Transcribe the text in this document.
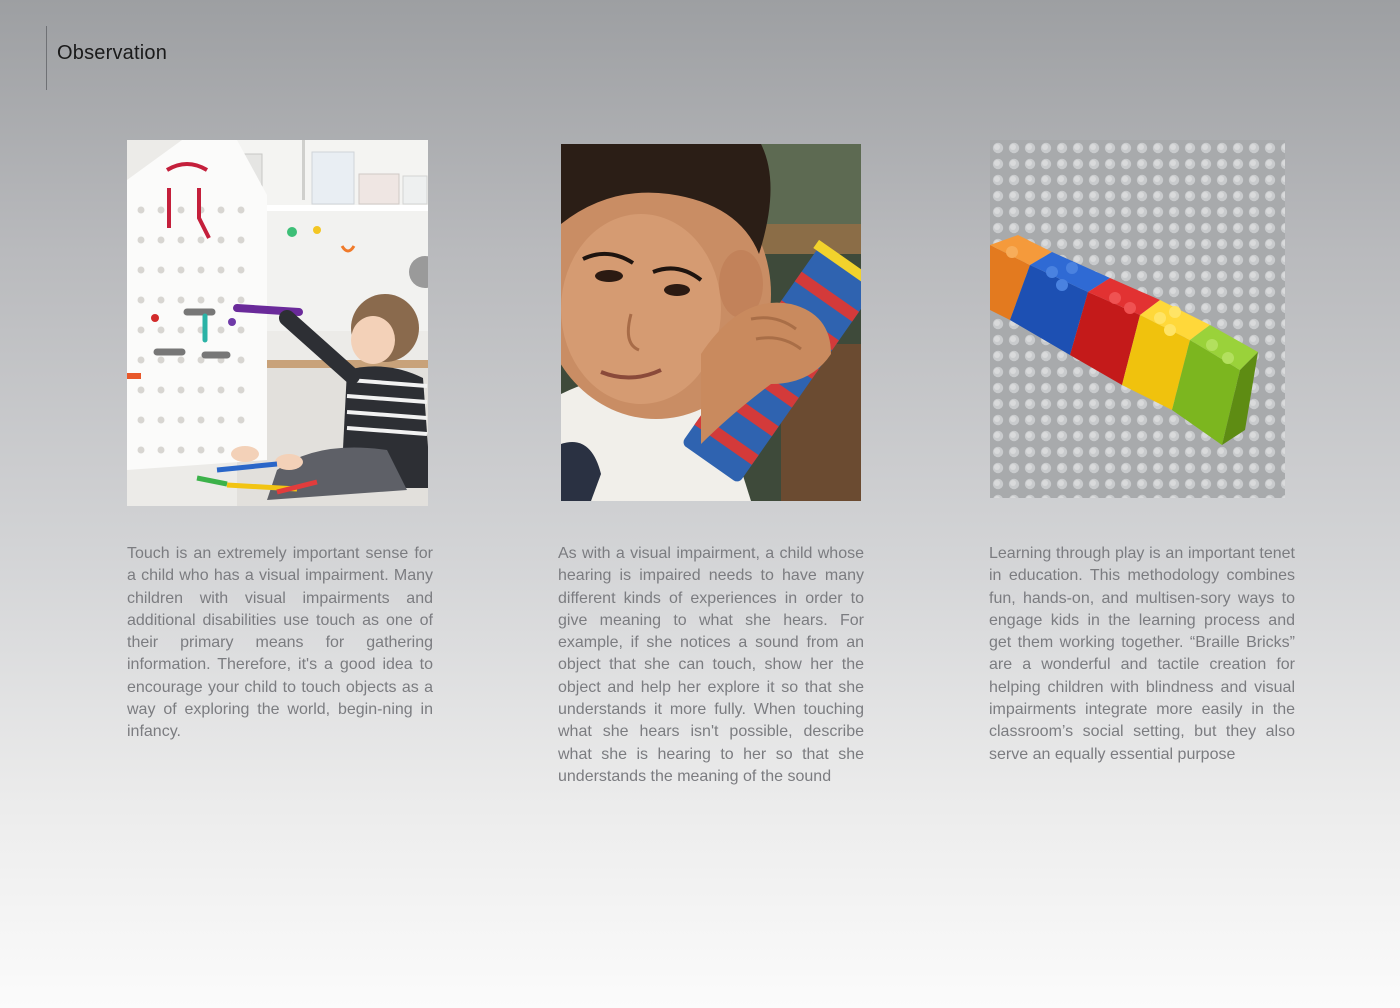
Observation
Touch is an extremely important sense for a child who has a visual impairment. Many children with visual impairments and additional disabilities use touch as one of their primary means for gathering information. Therefore, it's a good idea to encourage your child to touch objects as a way of exploring the world, begin-ning in infancy.
As with a visual impairment, a child whose hearing is impaired needs to have many different kinds of experiences in order to give meaning to what she hears. For example, if she notices a sound from an object that she can touch, show her the object and help her explore it so that she understands it more fully. When touching what she hears isn't possible, describe what she is hearing to her so that she understands the meaning of the sound
Learning through play is an important tenet in education. This methodology combines fun, hands-on, and multisen-sory ways to engage kids in the learning process and get them working together. “Braille Bricks” are a wonderful and tactile creation for helping children with blindness and visual impairments integrate more easily in the classroom’s social setting, but they also serve an equally essential purpose
